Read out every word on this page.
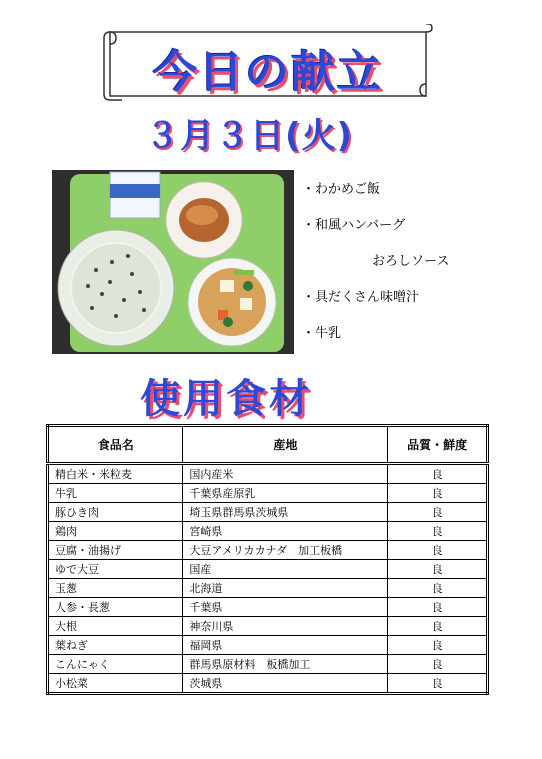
今日の献立
３月３日(火)
・わかめご飯
・和風ハンバーグ
おろしソース
・具だくさん味噌汁
・牛乳
使用食材
食品名	産地	品質・鮮度
精白米・米粒麦	国内産米	良
牛乳	千葉県産原乳	良
豚ひき肉	埼玉県群馬県茨城県	良
鶏肉	宮崎県	良
豆腐・油揚げ	大豆アメリカカナダ　加工板橋	良
ゆで大豆	国産	良
玉葱	北海道	良
人参・長葱	千葉県	良
大根	神奈川県	良
葉ねぎ	福岡県	良
こんにゃく	群馬県原材料　板橋加工	良
小松菜	茨城県	良
